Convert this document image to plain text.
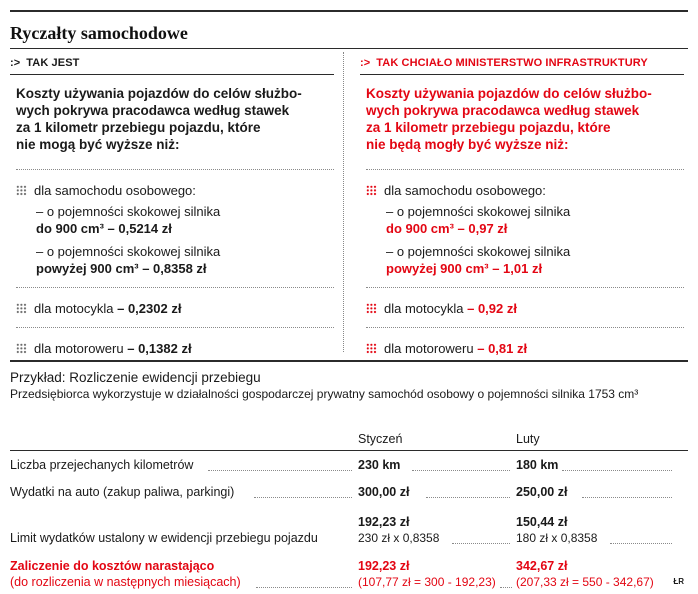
Ryczałty samochodowe
:> TAK JEST
Koszty używania pojazdów do celów służbo-
wych pokrywa pracodawca według stawek
za 1 kilometr przebiegu pojazdu, które
nie mogą być wyższe niż:
dla samochodu osobowego:
– o pojemności skokowej silnika
do 900 cm³ – 0,5214 zł
– o pojemności skokowej silnika
powyżej 900 cm³ – 0,8358 zł
dla motocykla
– 0,2302 zł
dla motoroweru
– 0,1382 zł
:> TAK CHCIAŁO MINISTERSTWO INFRASTRUKTURY
Koszty używania pojazdów do celów służbo-
wych pokrywa pracodawca według stawek
za 1 kilometr przebiegu pojazdu, które
nie będą mogły być wyższe niż:
dla samochodu osobowego:
– o pojemności skokowej silnika
do 900 cm³ – 0,97 zł
– o pojemności skokowej silnika
powyżej 900 cm³ – 1,01 zł
dla motocykla
– 0,92 zł
dla motoroweru
– 0,81 zł
Przykład: Rozliczenie ewidencji przebiegu
Przedsiębiorca wykorzystuje w działalności gospodarczej prywatny samochód osobowy o pojemności silnika 1753 cm³
Styczeń	Luty
Liczba przejechanych kilometrów	230 km	180 km
Wydatki na auto (zakup paliwa, parkingi)	300,00 zł	250,00 zł
Limit wydatków ustalony w ewidencji przebiegu pojazdu
192,23 zł	150,44 zł
230 zł x 0,8358	180 zł x 0,8358
Zaliczenie do kosztów narastająco
(do rozliczenia w następnych miesiącach)
192,23 zł	342,67 zł
(107,77 zł = 300 - 192,23) (207,33 zł = 550 - 342,67) ŁR
